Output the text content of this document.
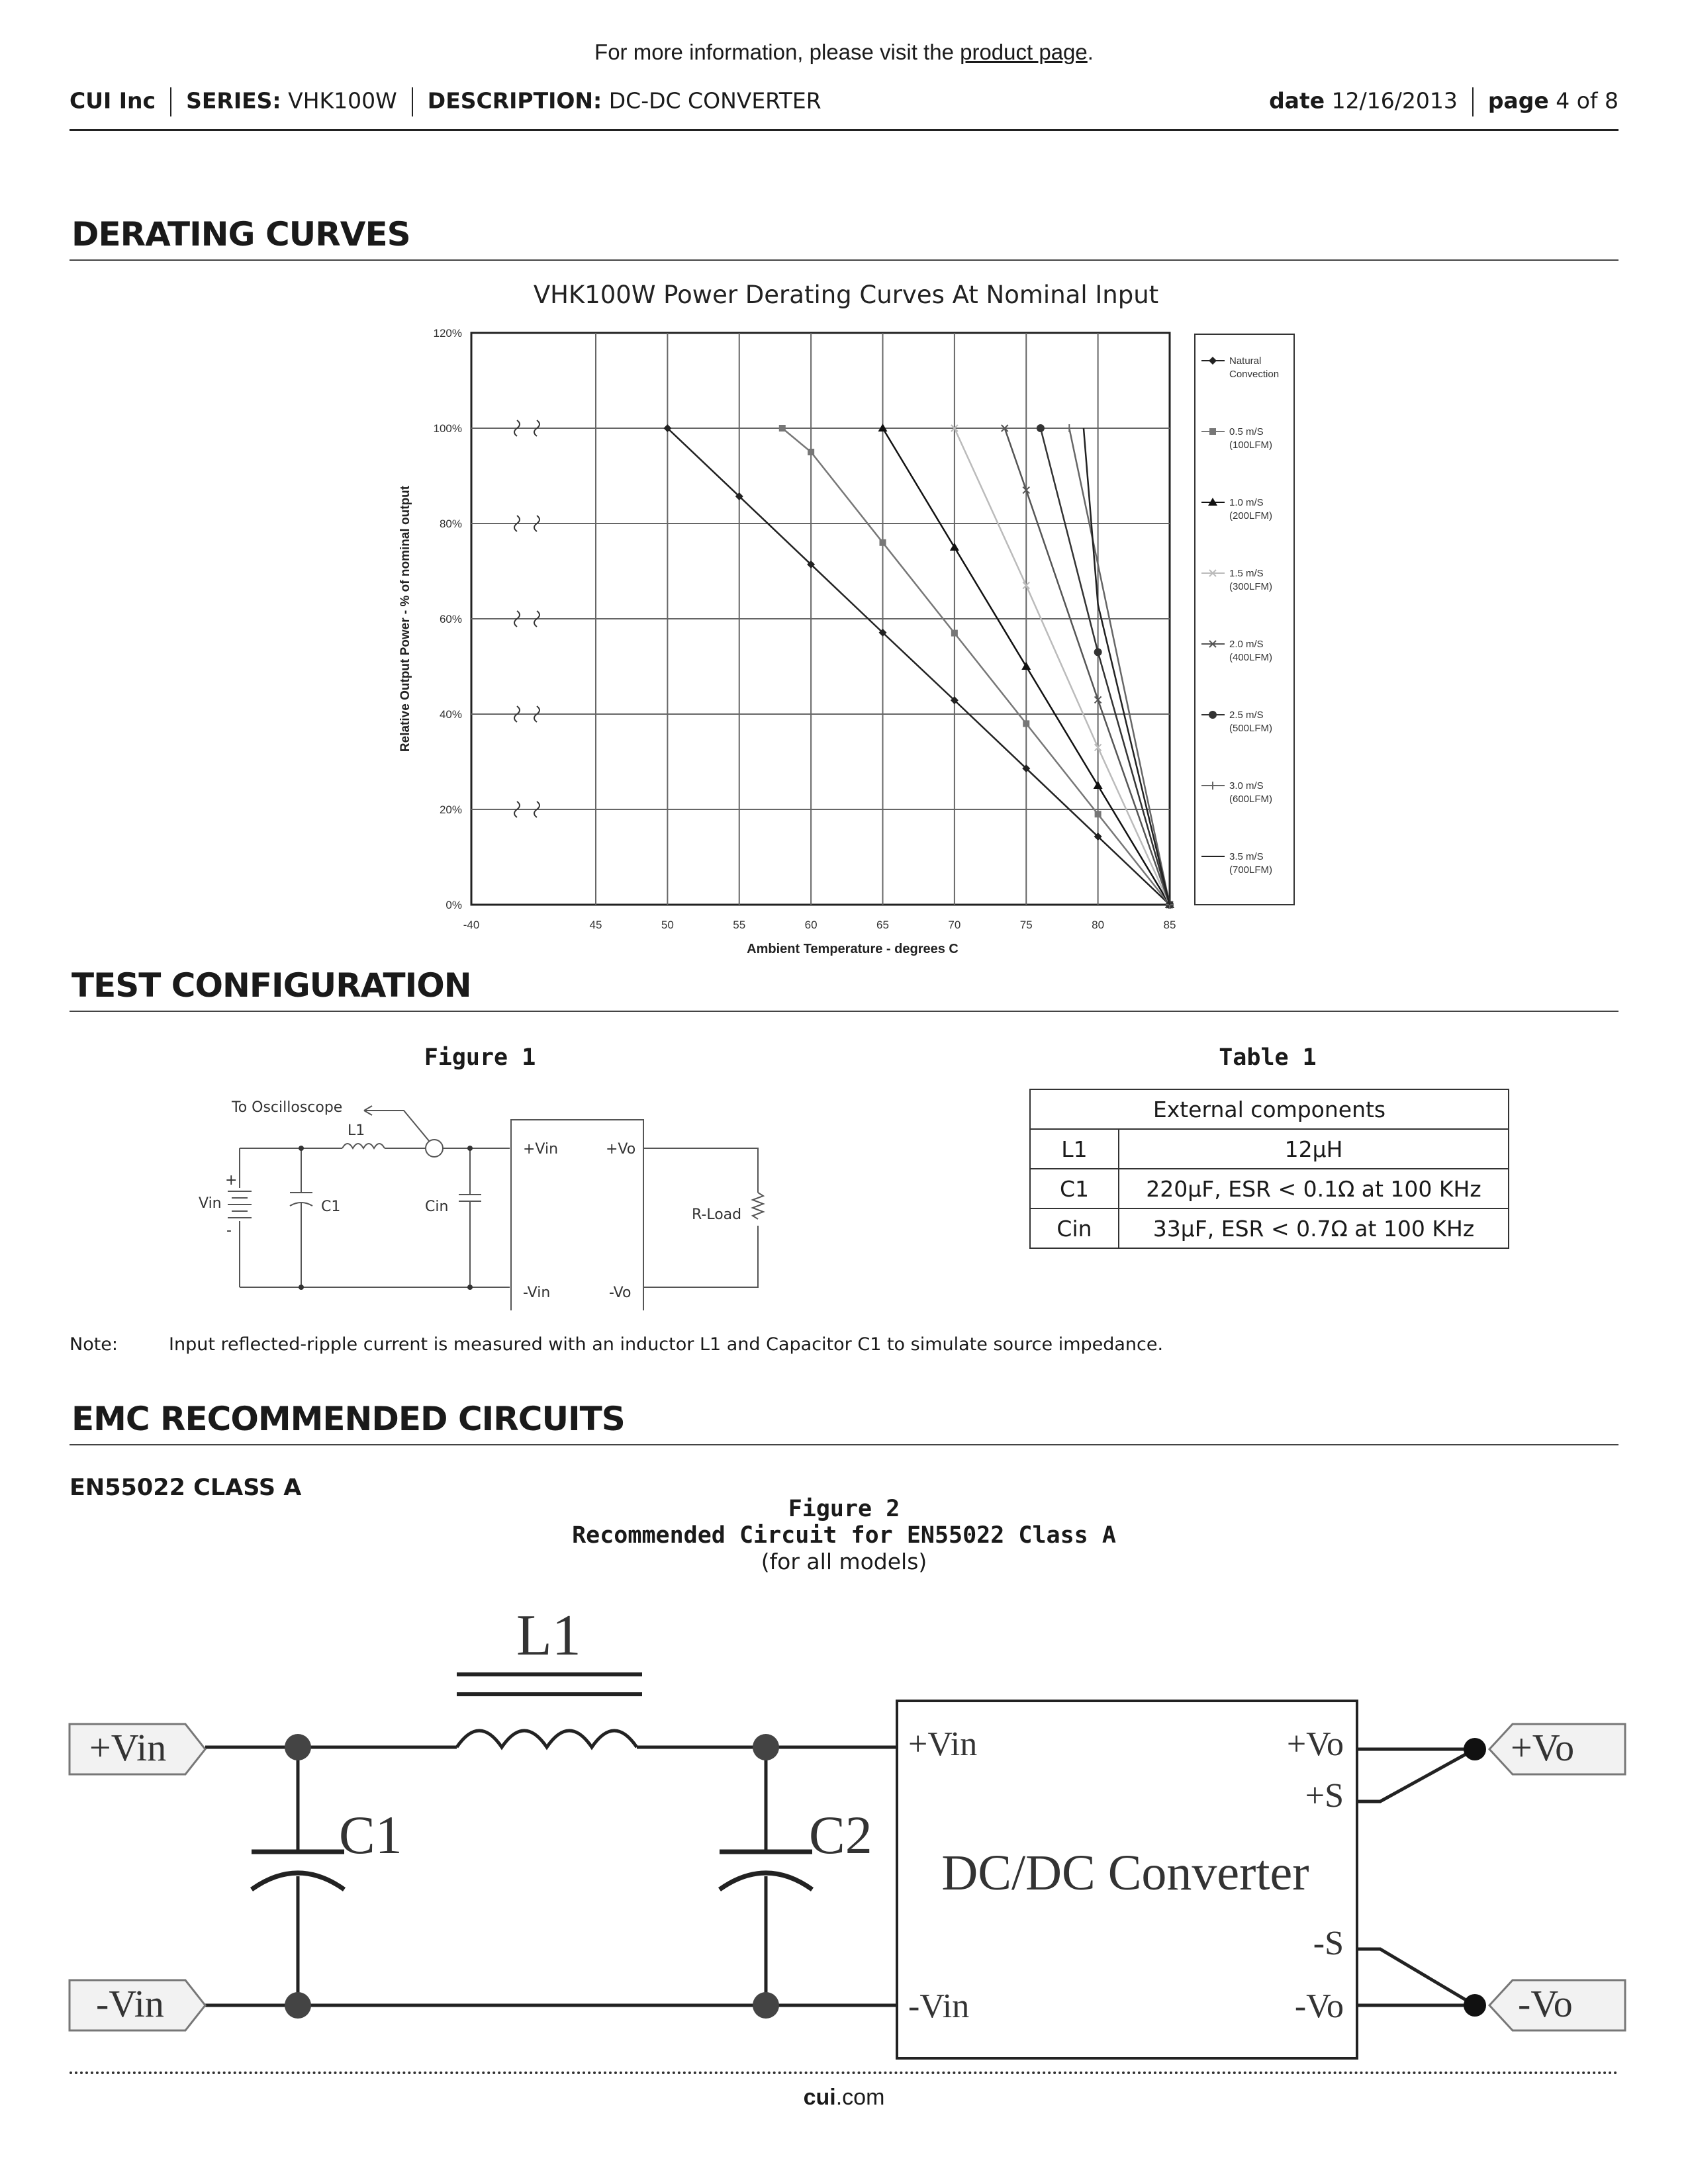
For more information, please visit the product page.
CUI Inc SERIES: VHK100W DESCRIPTION: DC-DC CONVERTER	date 12/16/2013 page 4 of 8
DERATING CURVES
VHK100W Power Derating Curves At Nominal Input
0%
20%
40%
60%
80%
100%
120%
-40	45	50	55	60	65	70	75	80	85
Ambient Temperature - degrees C
Relative Output Power - % of nominal output
Natural
Convection
0.5 m/S
(100LFM)
1.0 m/S
(200LFM)
1.5 m/S
(300LFM)
2.0 m/S
(400LFM)
2.5 m/S
(500LFM)
3.0 m/S
(600LFM)
3.5 m/S
(700LFM)
TEST CONFIGURATION
Figure 1	Table 1
To Oscilloscope
L1
Vin
+
-
C1	Cin
+Vin	+Vo
-Vin	-Vo
R-Load
External components	
L1	12µH
C1	220µF, ESR < 0.1Ω at 100 KHz
Cin	33µF, ESR < 0.7Ω at 100 KHz
Note:	Input reflected-ripple current is measured with an inductor L1 and Capacitor C1 to simulate source impedance.
EMC RECOMMENDED CIRCUITS
EN55022 CLASS A
Figure 2
Recommended Circuit for EN55022 Class A
(for all models)
+Vin
-Vin
+Vo
-Vo
L1
C1	C2
+Vin
-Vin
+Vo
+S
-S
-Vo
DC/DC Converter
cui.com
